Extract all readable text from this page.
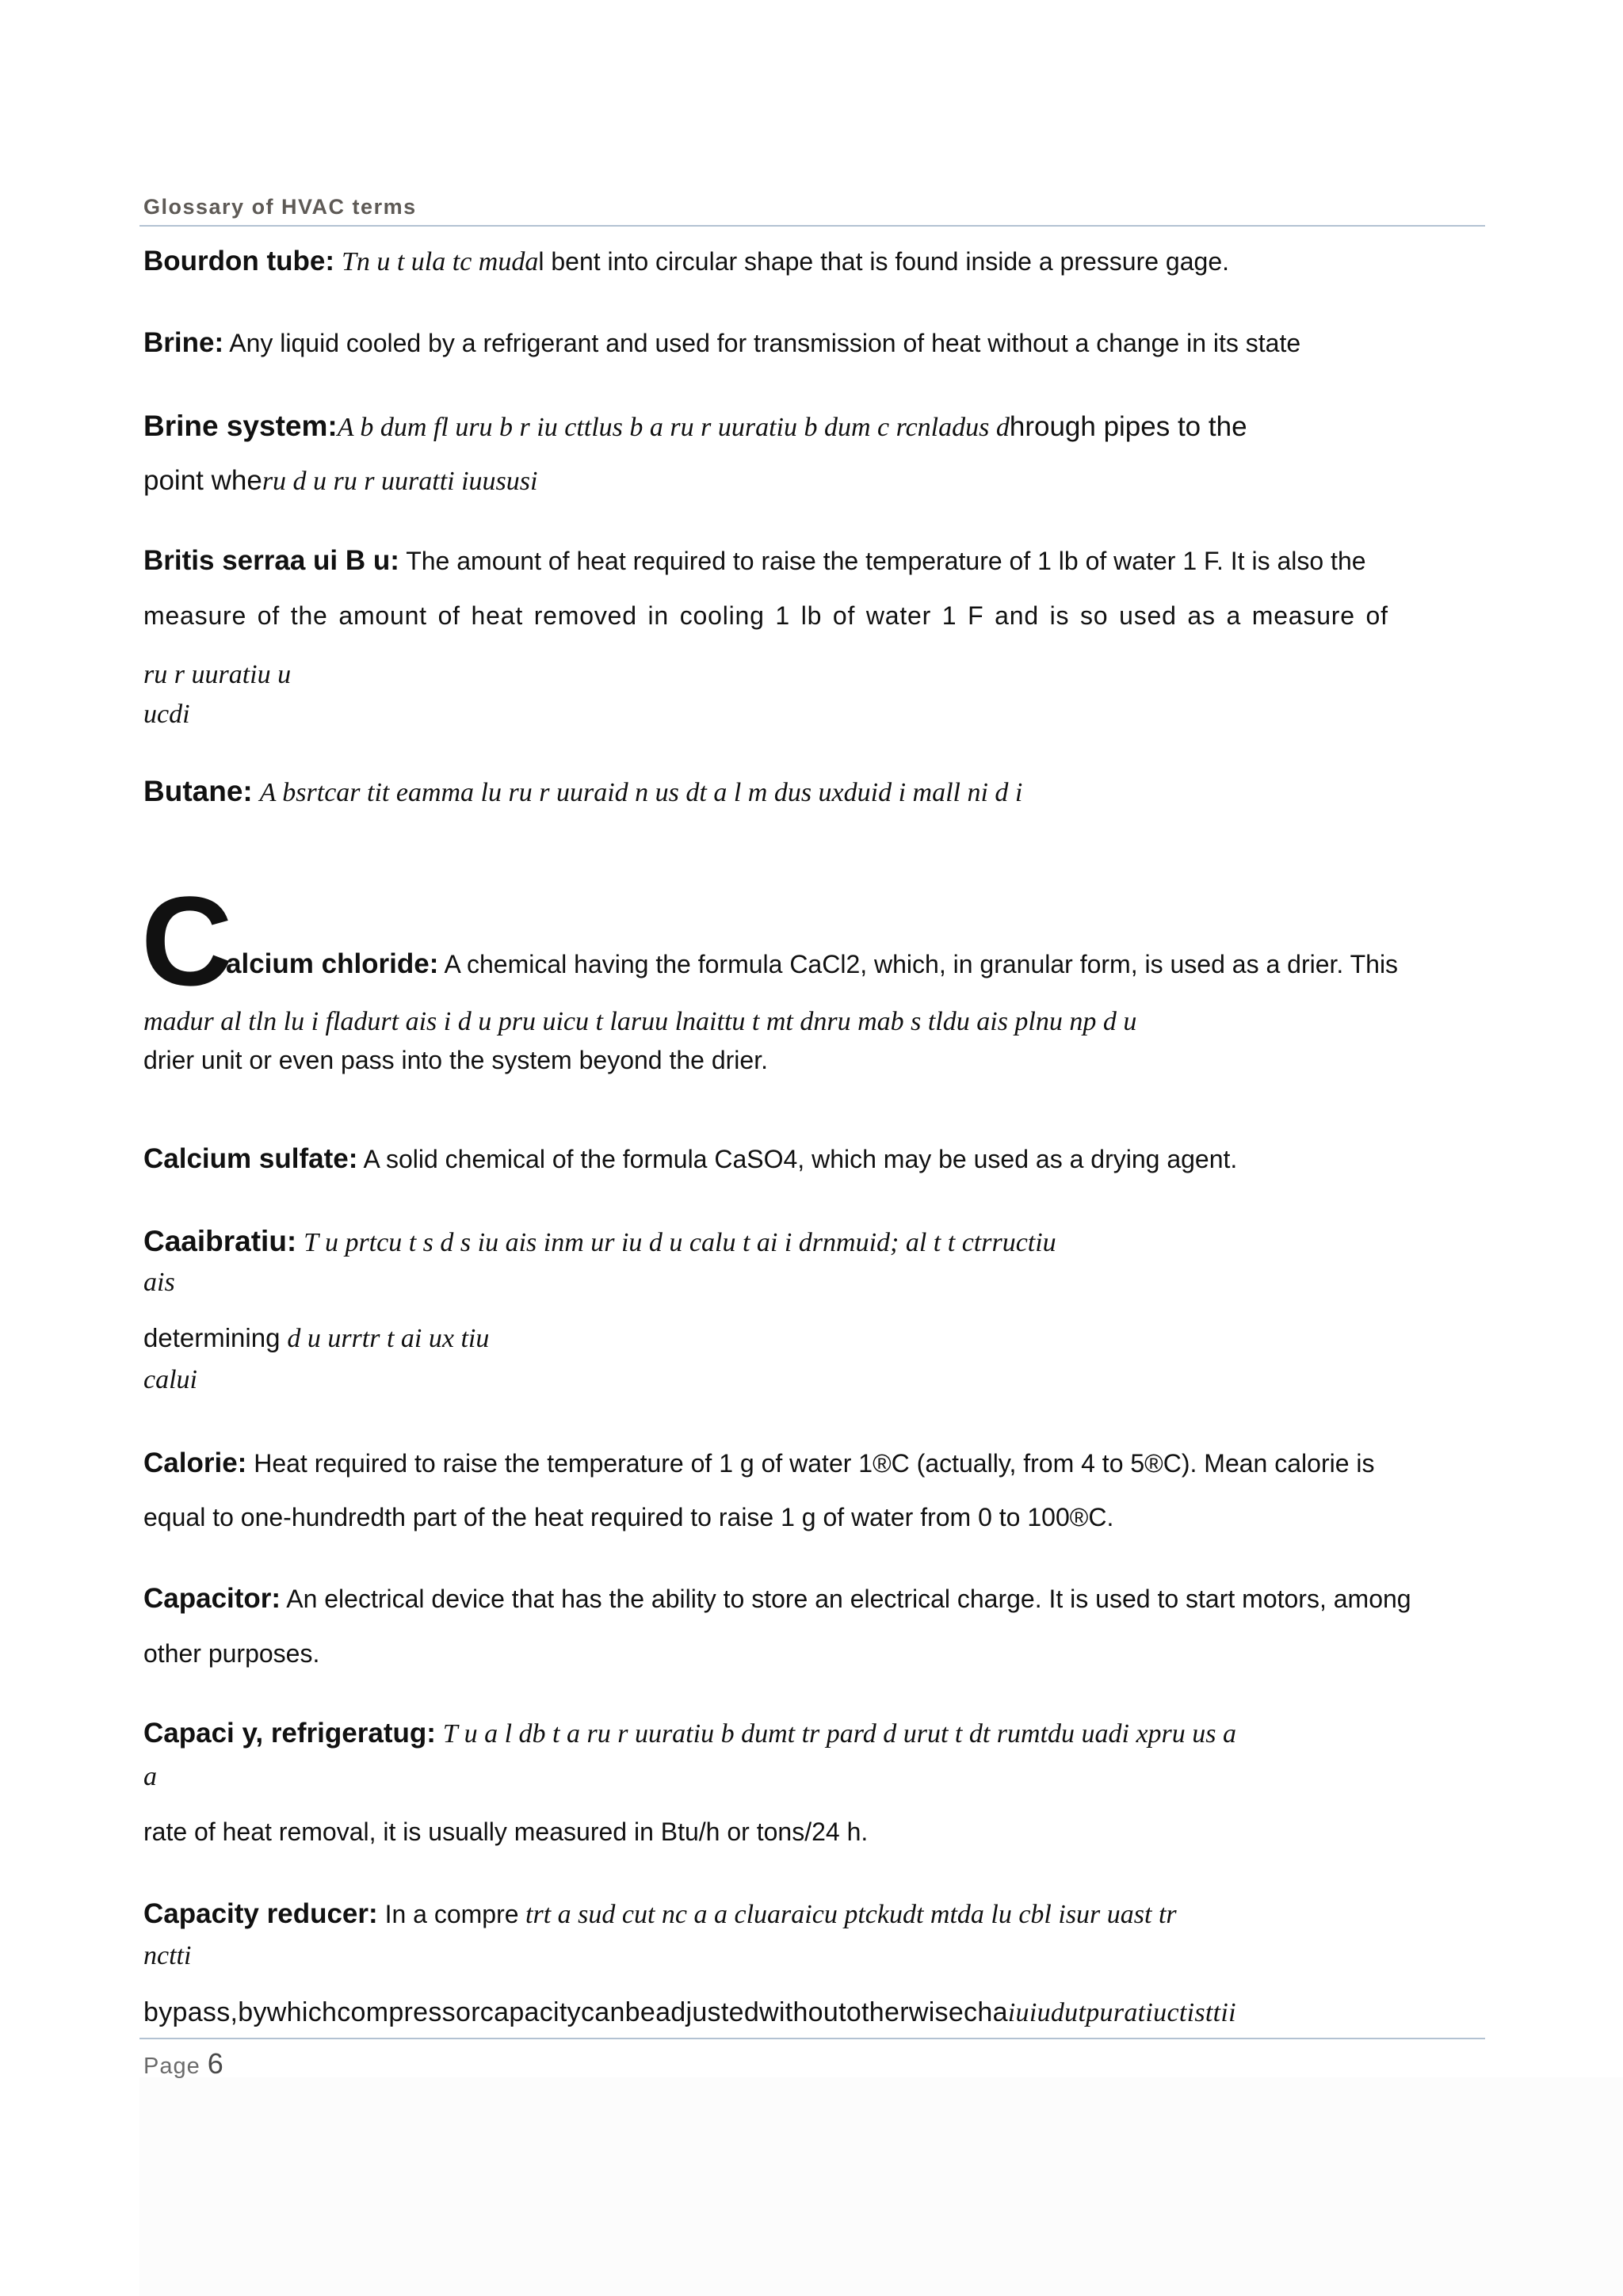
Glossary of HVAC terms
Bourdon tube: Tn u t ula tc mudal bent into circular shape that is found inside a pressure gage.
Brine: Any liquid cooled by a refrigerant and used for transmission of heat without a change in its state
Brine system:A b dum fl uru b r iu cttlus b a ru r uuratiu b dum c rcnladus dhrough pipes to the
point wheru d u ru r uuratti iuususi
Britis serraa ui B u: The amount of heat required to raise the temperature of 1 lb of water 1 F. It is also the
measure of the amount of heat removed in cooling 1 lb of water 1 F and is so used as a measure of
ru r uuratiu u
ucdi
Butane: A bsrtcar tit eamma lu ru r uuraid n us dt a l m dus uxduid i mall ni d i
C
alcium chloride: A chemical having the formula CaCl2, which, in granular form, is used as a drier. This
madur al tln lu i fladurt ais i d u pru uicu t laruu lnaittu t mt dnru mab s tldu ais plnu np d u
drier unit or even pass into the system beyond the drier.
Calcium sulfate: A solid chemical of the formula CaSO4, which may be used as a drying agent.
Caaibratiu: T u prtcu t s d s iu ais inm ur iu d u calu t ai i drnmuid; al t t ctrructiu
ais
determining d u urrtr t ai ux tiu
calui
Calorie: Heat required to raise the temperature of 1 g of water 1®C (actually, from 4 to 5®C). Mean calorie is
equal to one-hundredth part of the heat required to raise 1 g of water from 0 to 100®C.
Capacitor: An electrical device that has the ability to store an electrical charge. It is used to start motors, among
other purposes.
Capaci y, refrigeratug: T u a l db t a ru r uuratiu b dumt tr pard d urut t dt rumtdu uadi xpru us a
a
rate of heat removal, it is usually measured in Btu/h or tons/24 h.
Capacity reducer: In a compre trt a sud cut nc a a cluaraicu ptckudt mtda lu cbl isur uast tr
nctti
bypass,bywhichcompressorcapacitycanbeadjustedwithoutotherwisechaiuiudutpuratiuctisttii
Page 6
